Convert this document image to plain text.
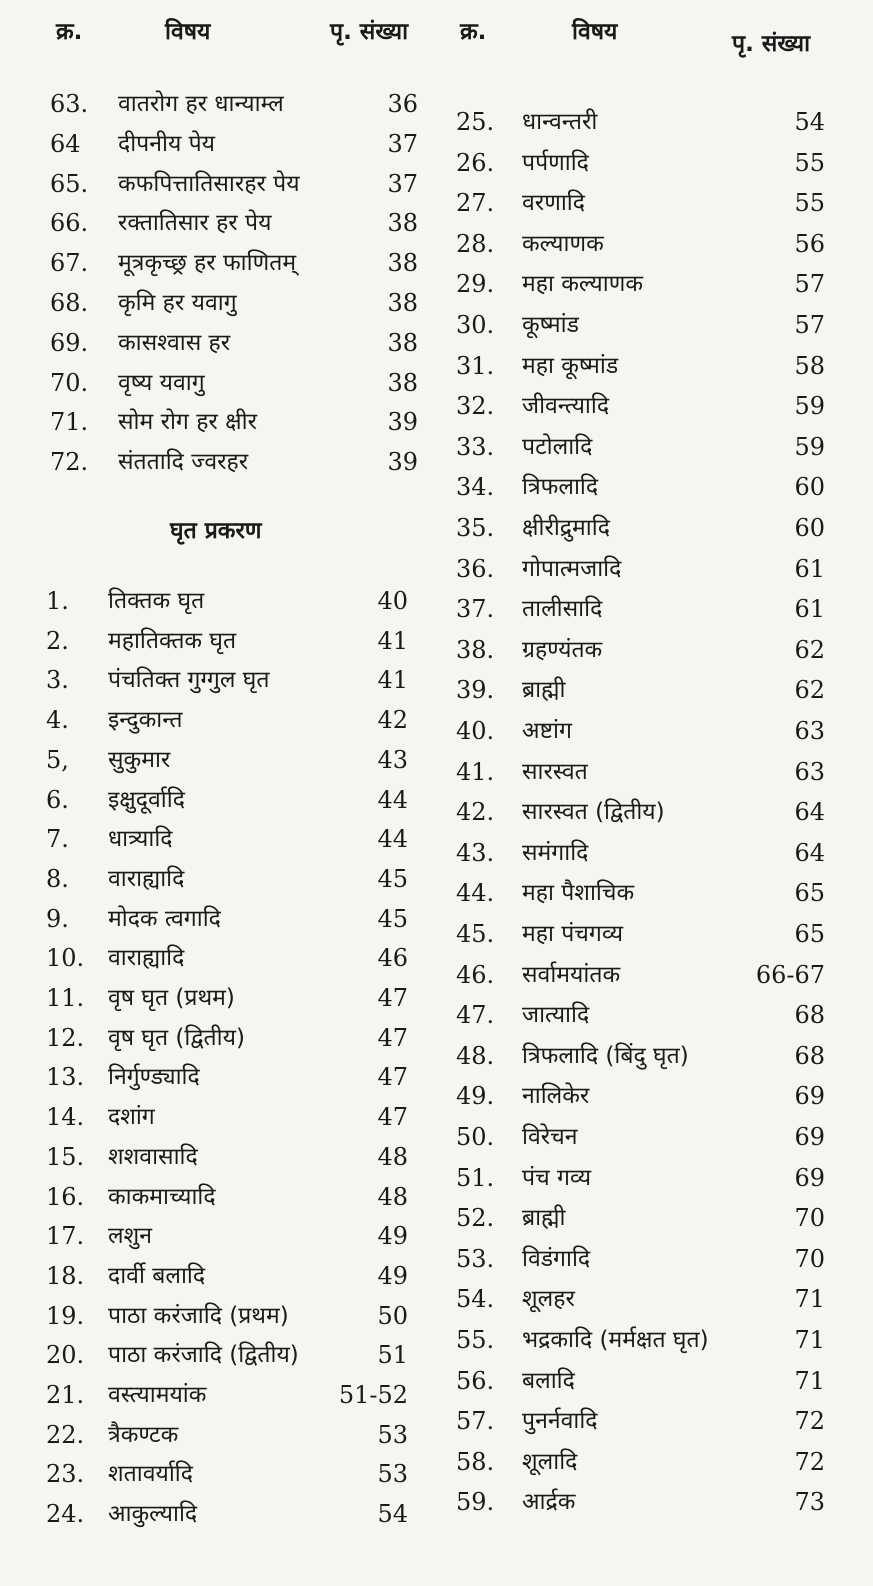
क्र.	विषय	पृ. संख्या
63. वातरोग हर धान्याम्ल	36
64 दीपनीय पेय	37
65. कफपित्तातिसारहर पेय	37
66. रक्तातिसार हर पेय	38
67. मूत्रकृच्छ्र हर फाणितम्	38
68. कृमि हर यवागु	38
69. कासश्वास हर	38
70. वृष्य यवागु	38
71. सोम रोग हर क्षीर	39
72. संततादि ज्वरहर	39
घृत प्रकरण
1. तिक्तक घृत	40
2. महातिक्तक घृत	41
3. पंचतिक्त गुग्गुल घृत	41
4. इन्दुकान्त	42
5, सुकुमार	43
6. इक्षुदूर्वादि	44
7. धात्र्यादि	44
8. वाराह्यादि	45
9. मोदक त्वगादि	45
10. वाराह्यादि	46
11. वृष घृत (प्रथम)	47
12. वृष घृत (द्वितीय)	47
13. निर्गुण्ड्यादि	47
14. दशांग	47
15. शशवासादि	48
16. काकमाच्यादि	48
17. लशुन	49
18. दार्वी बलादि	49
19. पाठा करंजादि (प्रथम)	50
20. पाठा करंजादि (द्वितीय)	51
21. वस्त्यामयांक	51-52
22. त्रैकण्टक	53
23. शतावर्यादि	53
24. आकुल्यादि	54
क्र.	विषय	पृ. संख्या
25. धान्वन्तरी	54
26. पर्पणादि	55
27. वरणादि	55
28. कल्याणक	56
29. महा कल्याणक	57
30. कूष्मांड	57
31. महा कूष्मांड	58
32. जीवन्त्यादि	59
33. पटोलादि	59
34. त्रिफलादि	60
35. क्षीरीद्रुमादि	60
36. गोपात्मजादि	61
37. तालीसादि	61
38. ग्रहण्यंतक	62
39. ब्राह्मी	62
40. अष्टांग	63
41. सारस्वत	63
42. सारस्वत (द्वितीय)	64
43. समंगादि	64
44. महा पैशाचिक	65
45. महा पंचगव्य	65
46. सर्वामयांतक	66-67
47. जात्यादि	68
48. त्रिफलादि (बिंदु घृत)	68
49. नालिकेर	69
50. विरेचन	69
51. पंच गव्य	69
52. ब्राह्मी	70
53. विडंगादि	70
54. शूलहर	71
55. भद्रकादि (मर्मक्षत घृत)	71
56. बलादि	71
57. पुनर्नवादि	72
58. शूलादि	72
59. आर्द्रक	73
